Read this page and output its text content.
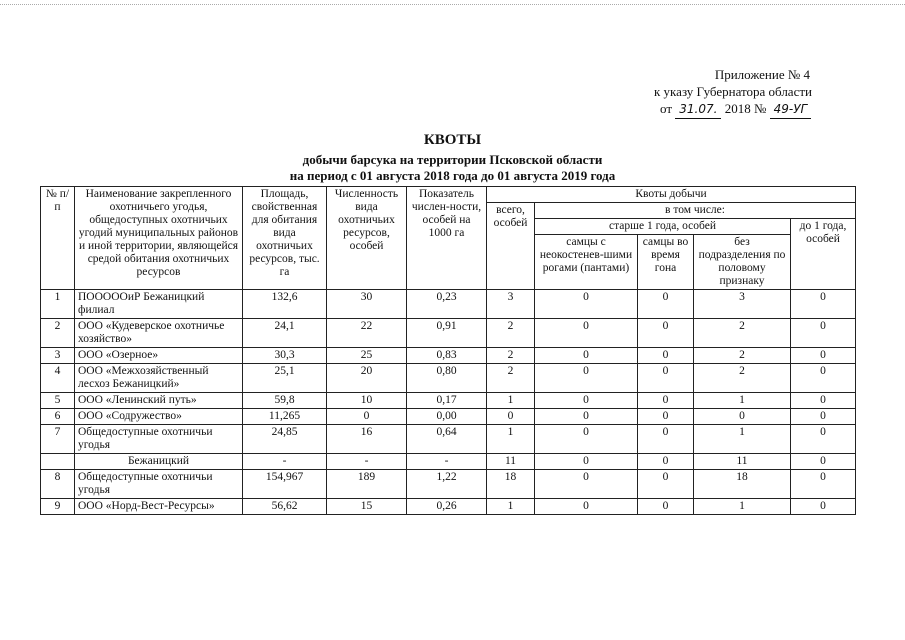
Приложение № 4
к указу Губернатора области
от 31.07. 2018 № 49-УГ
КВОТЫ
добычи барсука на территории Псковской области
на период с 01 августа 2018 года до 01 августа 2019 года
№ п/п	Наименование закрепленного охотничьего угодья, общедоступных охотничьих угодий муниципальных районов и иной территории, являющейся средой обитания охотничьих ресурсов	Площадь, свойственная для обитания вида охотничьих ресурсов, тыс. га	Численность вида охотничьих ресурсов, особей	Показатель числен-ности, особей на 1000 га	Квоты добычи				
					всего, особей	в том числе:			
						старше 1 года, особей			до 1 года, особей
						самцы с неокостенев-шими рогами (пантами)	самцы во время гона	без подразделения по половому признаку	
1	ПОООООиР Бежаницкий филиал	132,6	30	0,23	3	0	0	3	0
2	ООО «Кудеверское охотничье хозяйство»	24,1	22	0,91	2	0	0	2	0
3	ООО «Озерное»	30,3	25	0,83	2	0	0	2	0
4	ООО «Межхозяйственный лесхоз Бежаницкий»	25,1	20	0,80	2	0	0	2	0
5	ООО «Ленинский путь»	59,8	10	0,17	1	0	0	1	0
6	ООО «Содружество»	11,265	0	0,00	0	0	0	0	0
7	Общедоступные охотничьи угодья	24,85	16	0,64	1	0	0	1	0
	Бежаницкий	-	-	-	11	0	0	11	0
8	Общедоступные охотничьи угодья	154,967	189	1,22	18	0	0	18	0
9	ООО «Норд-Вест-Ресурсы»	56,62	15	0,26	1	0	0	1	0
